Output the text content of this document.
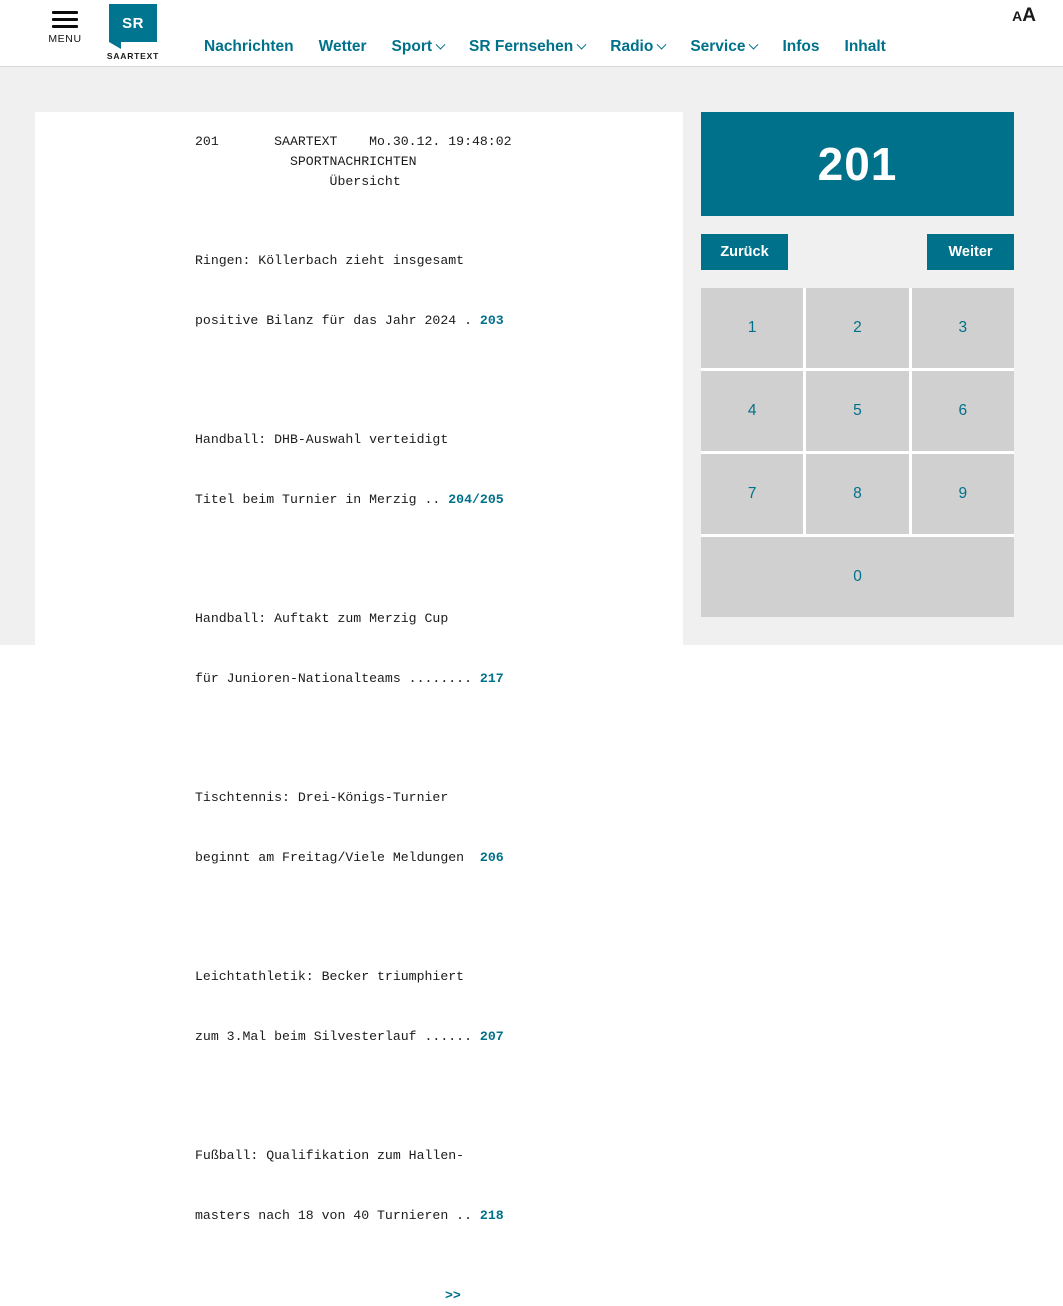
MENU
SR
SAARTEXT
Nachrichten Wetter Sport SR Fernsehen Radio Service Infos Inhalt
AA
201       SAARTEXT    Mo.30.12. 19:48:02
SPORTNACHRICHTEN
Übersicht

Ringen: Köllerbach zieht insgesamt

positive Bilanz für das Jahr 2024 . 203

Handball: DHB-Auswahl verteidigt

Titel beim Turnier in Merzig .. 204/205

Handball: Auftakt zum Merzig Cup

für Junioren-Nationalteams ........ 217

Tischtennis: Drei-Königs-Turnier

beginnt am Freitag/Viele Meldungen  206

Leichtathletik: Becker triumphiert

zum 3.Mal beim Silvesterlauf ...... 207

Fußball: Qualifikation zum Hallen-

masters nach 18 von 40 Turnieren .. 218

>>
201
Zurück	Weiter
1	2	3
4	5	6
7	8	9
0
